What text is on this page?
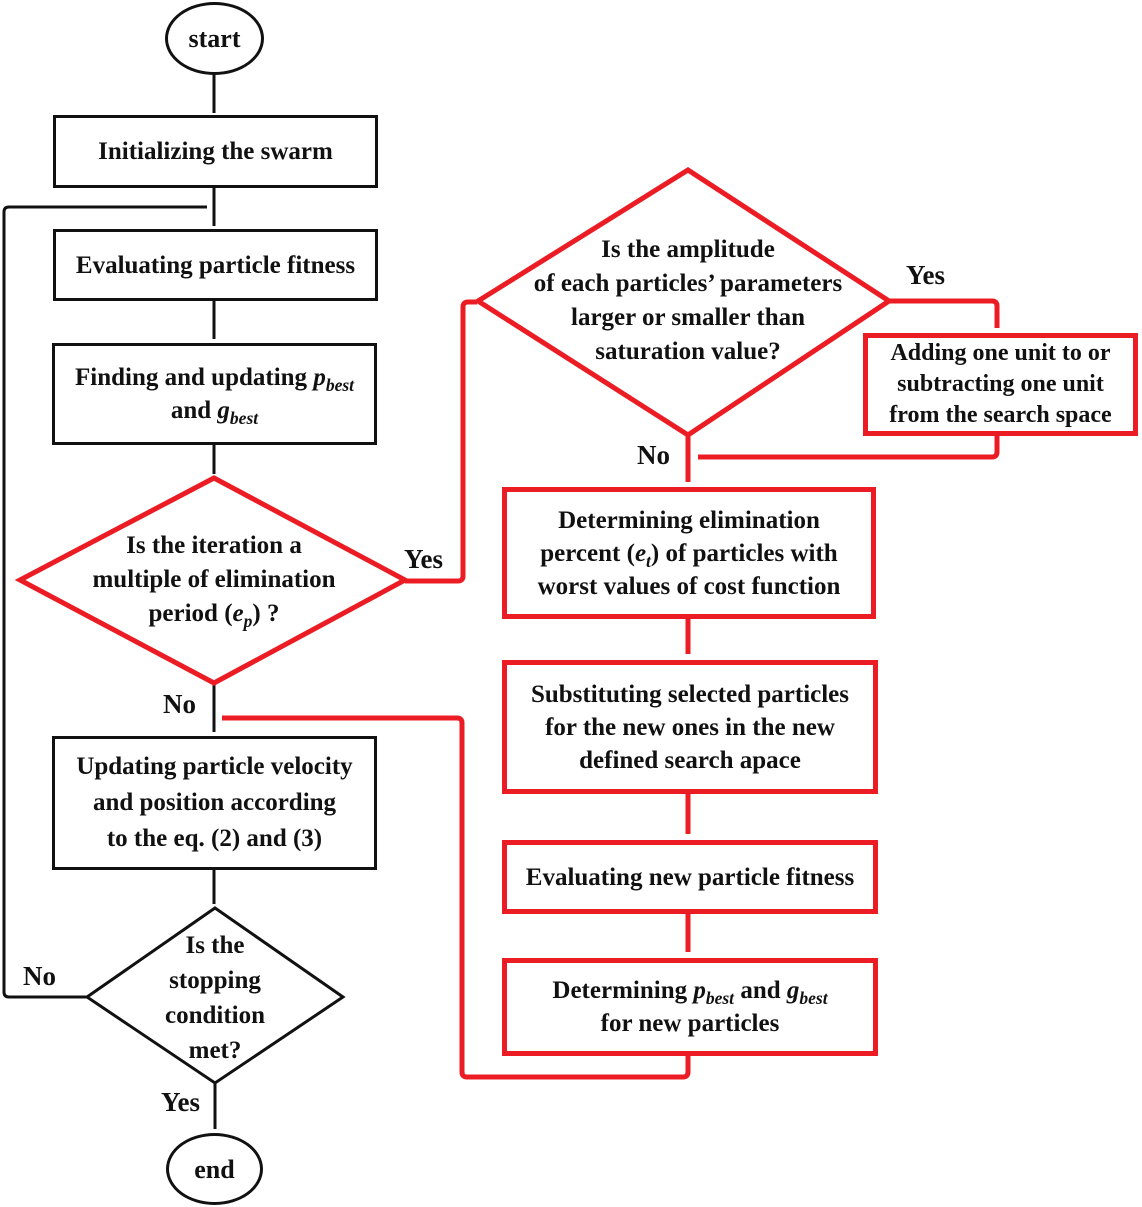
start
Initializing the swarm
Evaluating particle fitness
Finding and updating $p_{best}$
and $g_{best}$
Is the iteration a
multiple of elimination
period $(e_p)$ ?
Updating particle velocity
and position according
to the eq. (2) and (3)
Is the
stopping
condition
met?
end
Is the amplitude
of each particles’ parameters
larger or smaller than
saturation value?	Adding one unit to or
subtracting one unit
from the search space
Determining elimination
percent $(e_t)$ of particles with
worst values of cost function
Substituting selected particles
for the new ones in the new
defined search apace
Evaluating new particle fitness
Determining $p_{best}$ and $g_{best}$
for new particles
Yes
No
No
Yes
Yes
No
